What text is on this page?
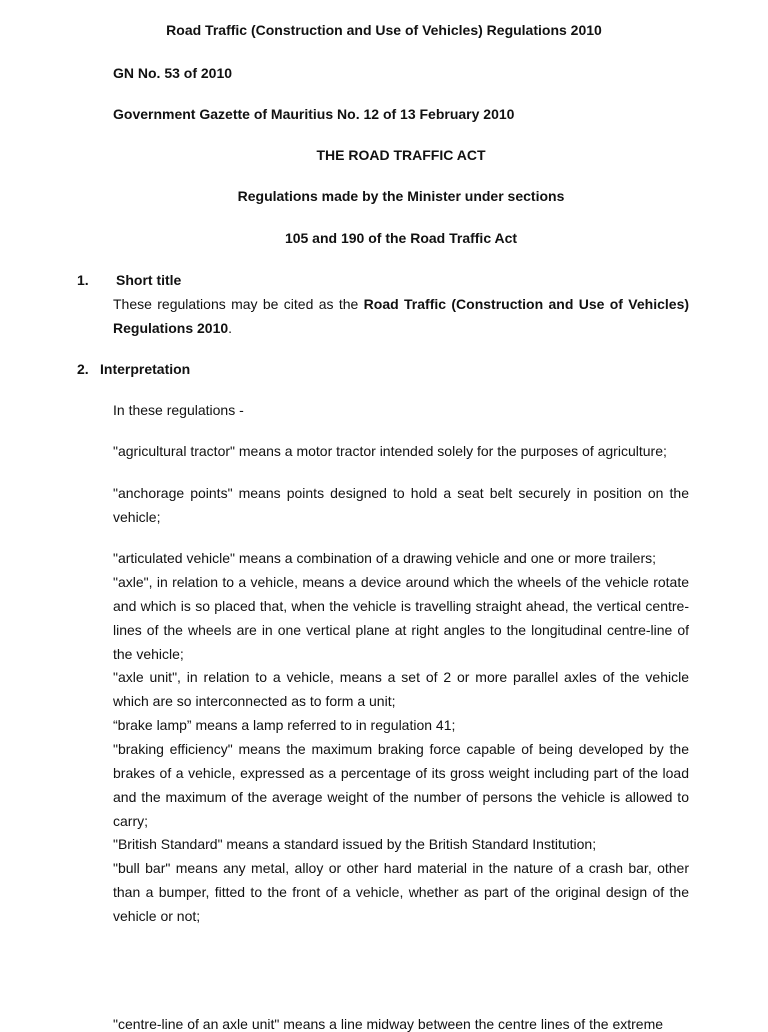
Road Traffic (Construction and Use of Vehicles) Regulations 2010
GN No. 53 of 2010
Government Gazette of Mauritius No. 12 of 13 February 2010
THE ROAD TRAFFIC ACT
Regulations made by the Minister under sections
105 and 190 of the Road Traffic Act
1. Short title
These regulations may be cited as the Road Traffic (Construction and Use of Vehicles) Regulations 2010.
2. Interpretation
In these regulations -
"agricultural tractor" means a motor tractor intended solely for the purposes of agriculture;
"anchorage points" means points designed to hold a seat belt securely in position on the vehicle;
"articulated vehicle" means a combination of a drawing vehicle and one or more trailers;
"axle", in relation to a vehicle, means a device around which the wheels of the vehicle rotate and which is so placed that, when the vehicle is travelling straight ahead, the vertical centre-lines of the wheels are in one vertical plane at right angles to the longitudinal centre-line of the vehicle;
"axle unit", in relation to a vehicle, means a set of 2 or more parallel axles of the vehicle which are so interconnected as to form a unit;
“brake lamp” means a lamp referred to in regulation 41;
"braking efficiency" means the maximum braking force capable of being developed by the brakes of a vehicle, expressed as a percentage of its gross weight including part of the load and the maximum of the average weight of the number of persons the vehicle is allowed to carry;
"British Standard" means a standard issued by the British Standard Institution;
"bull bar" means any metal, alloy or other hard material in the nature of a crash bar, other than a bumper, fitted to the front of a vehicle, whether as part of the original design of the vehicle or not;
"centre-line of an axle unit" means a line midway between the centre lines of the extreme
